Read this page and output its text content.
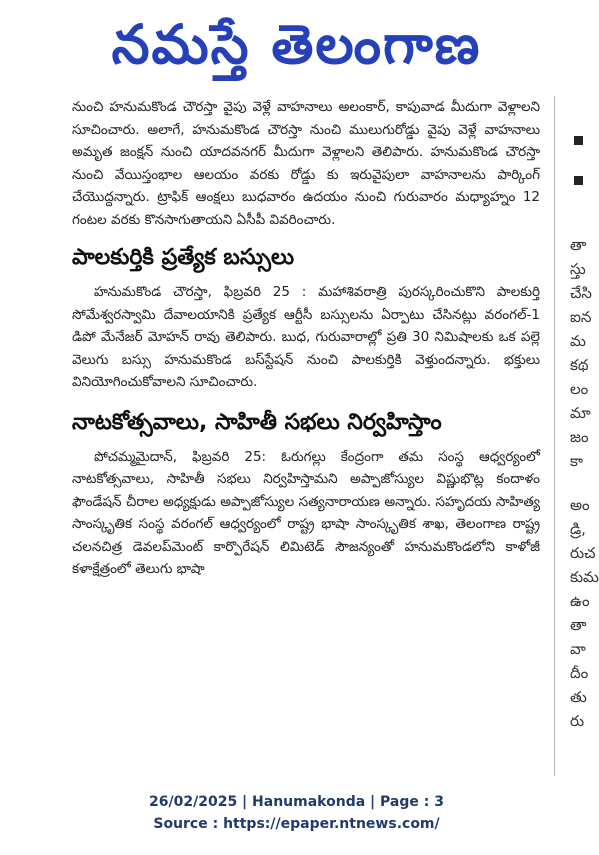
నమస్తే తెలంగాణ

నుంచి హనుమకొండ చౌరస్తా వైపు వెళ్లే వాహనాలు అలంకార్, కాపువాడ మీదుగా వెళ్లాలని సూచించారు. అలాగే, హనుమకొండ చౌరస్తా నుంచి ములుగురోడ్డు వైపు వెళ్లే వాహనాలు అమృత జంక్షన్ నుంచి యాదవనగర్ మీదుగా వెళ్లాలని తెలిపారు. హనుమకొండ చౌరస్తా నుంచి వేయిస్తంభాల ఆలయం వరకు రోడ్డు కు ఇరువైపులా వాహనాలను పార్కింగ్ చేయొద్దన్నారు. ట్రాఫిక్ ఆంక్షలు బుధవారం ఉదయం నుంచి గురువారం మధ్యాహ్నం 12 గంటల వరకు కొనసాగుతాయని ఏసీపీ వివరించారు.

పాలకుర్తికి ప్రత్యేక బస్సులు

హనుమకొండ చౌరస్తా, ఫిబ్రవరి 25 : మహాశివరాత్రి పురస్కరించుకొని పాలకుర్తి సోమేశ్వరస్వామి దేవాలయానికి ప్రత్యేక ఆర్టీసీ బస్సులను ఏర్పాటు చేసినట్లు వరంగల్-1 డిపో మేనేజర్ మోహన్ రావు తెలిపారు. బుధ, గురువారాల్లో ప్రతి 30 నిమిషాలకు ఒక పల్లె వెలుగు బస్సు హనుమకొండ బస్‌స్టేషన్ నుంచి పాలకుర్తికి వెళ్తుందన్నారు. భక్తులు వినియోగించుకోవాలని సూచించారు.

నాటకోత్సవాలు, సాహితీ సభలు నిర్వహిస్తాం

పోచమ్మమైదాన్, ఫిబ్రవరి 25: ఓరుగల్లు కేంద్రంగా తమ సంస్థ ఆధ్వర్యంలో నాటకోత్సవాలు, సాహితీ సభలు నిర్వహిస్తామని అప్పాజోస్యుల విష్ణుభొట్ల కందాళం ఫౌండేషన్ చీరాల అధ్యక్షుడు అప్పాజోస్యుల సత్యనారాయణ అన్నారు. సహృదయ సాహిత్య సాంస్కృతిక సంస్థ వరంగల్ ఆధ్వర్యంలో రాష్ట్ర భాషా సాంస్కృతిక శాఖ, తెలంగాణ రాష్ట్ర చలనచిత్ర డెవలప్‌మెంట్ కార్పొరేషన్ లిమిటెడ్ సౌజన్యంతో హనుమకొండలోని కాళోజీ కళాక్షేత్రంలో తెలుగు భాషా

తా
స్తు
చేసి
ఐన
మ
కథ
లం
మా
జం
కా
అం
డ్రి,
రుచ
కుమ
ఉం
తా
వా
దీం
తు
రు
26/02/2025 | Hanumakonda | Page : 3
Source : https://epaper.ntnews.com/
